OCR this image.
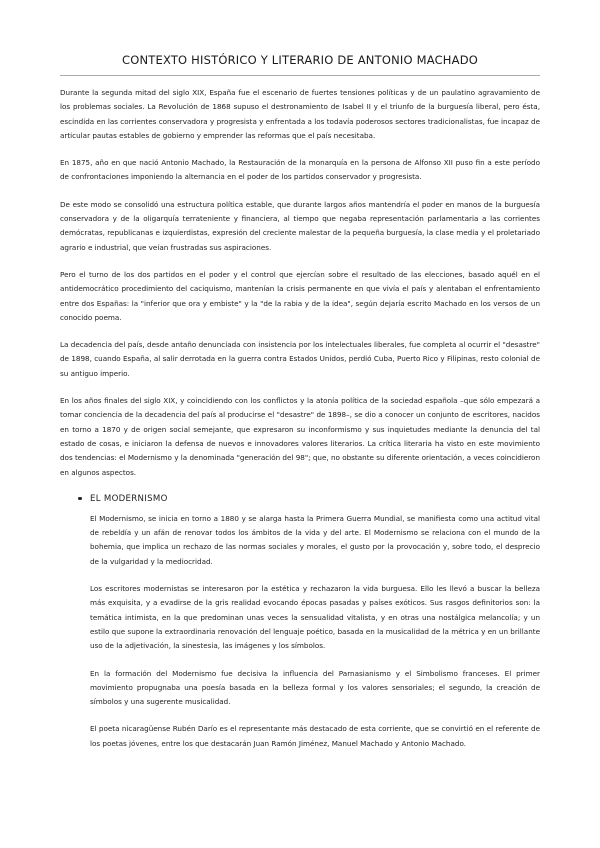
CONTEXTO HISTÓRICO Y LITERARIO DE ANTONIO MACHADO

Durante la segunda mitad del siglo XIX, España fue el escenario de fuertes tensiones políticas y de un paulatino agravamiento de los problemas sociales. La Revolución de 1868 supuso el destronamiento de Isabel II y el triunfo de la burguesía liberal, pero ésta, escindida en las corrientes conservadora y progresista y enfrentada a los todavía poderosos sectores tradicionalistas, fue incapaz de articular pautas estables de gobierno y emprender las reformas que el país necesitaba.

En 1875, año en que nació Antonio Machado, la Restauración de la monarquía en la persona de Alfonso XII puso fin a este período de confrontaciones imponiendo la alternancia en el poder de los partidos conservador y progresista.

De este modo se consolidó una estructura política estable, que durante largos años mantendría el poder en manos de la burguesía conservadora y de la oligarquía terrateniente y financiera, al tiempo que negaba representación parlamentaria a las corrientes demócratas, republicanas e izquierdistas, expresión del creciente malestar de la pequeña burguesía, la clase media y el proletariado agrario e industrial, que veían frustradas sus aspiraciones.

Pero el turno de los dos partidos en el poder y el control que ejercían sobre el resultado de las elecciones, basado aquél en el antidemocrático procedimiento del caciquismo, mantenían la crisis permanente en que vivía el país y alentaban el enfrentamiento entre dos Españas: la "inferior que ora y embiste" y la "de la rabia y de la idea", según dejaría escrito Machado en los versos de un conocido poema.

La decadencia del país, desde antaño denunciada con insistencia por los intelectuales liberales, fue completa al ocurrir el "desastre" de 1898, cuando España, al salir derrotada en la guerra contra Estados Unidos, perdió Cuba, Puerto Rico y Filipinas, resto colonial de su antiguo imperio.

En los años finales del siglo XIX, y coincidiendo con los conflictos y la atonía política de la sociedad española –que sólo empezará a tomar conciencia de la decadencia del país al producirse el "desastre" de 1898–, se dio a conocer un conjunto de escritores, nacidos en torno a 1870 y de origen social semejante, que expresaron su inconformismo y sus inquietudes mediante la denuncia del tal estado de cosas, e iniciaron la defensa de nuevos e innovadores valores literarios. La crítica literaria ha visto en este movimiento dos tendencias: el Modernismo y la denominada "generación del 98"; que, no obstante su diferente orientación, a veces coincidieron en algunos aspectos.

EL MODERNISMO

El Modernismo, se inicia en torno a 1880 y se alarga hasta la Primera Guerra Mundial, se manifiesta como una actitud vital de rebeldía y un afán de renovar todos los ámbitos de la vida y del arte. El Modernismo se relaciona con el mundo de la bohemia, que implica un rechazo de las normas sociales y morales, el gusto por la provocación y, sobre todo, el desprecio de la vulgaridad y la mediocridad.

Los escritores modernistas se interesaron por la estética y rechazaron la vida burguesa. Ello les llevó a buscar la belleza más exquisita, y a evadirse de la gris realidad evocando épocas pasadas y países exóticos. Sus rasgos definitorios son: la temática intimista, en la que predominan unas veces la sensualidad vitalista, y en otras una nostálgica melancolía; y un estilo que supone la extraordinaria renovación del lenguaje poético, basada en la musicalidad de la métrica y en un brillante uso de la adjetivación, la sinestesia, las imágenes y los símbolos.

En la formación del Modernismo fue decisiva la influencia del Parnasianismo y el Simbolismo franceses. El primer movimiento propugnaba una poesía basada en la belleza formal y los valores sensoriales; el segundo, la creación de símbolos y una sugerente musicalidad.

El poeta nicaragüense Rubén Darío es el representante más destacado de esta corriente, que se convirtió en el referente de los poetas jóvenes, entre los que destacarán Juan Ramón Jiménez, Manuel Machado y Antonio Machado.
